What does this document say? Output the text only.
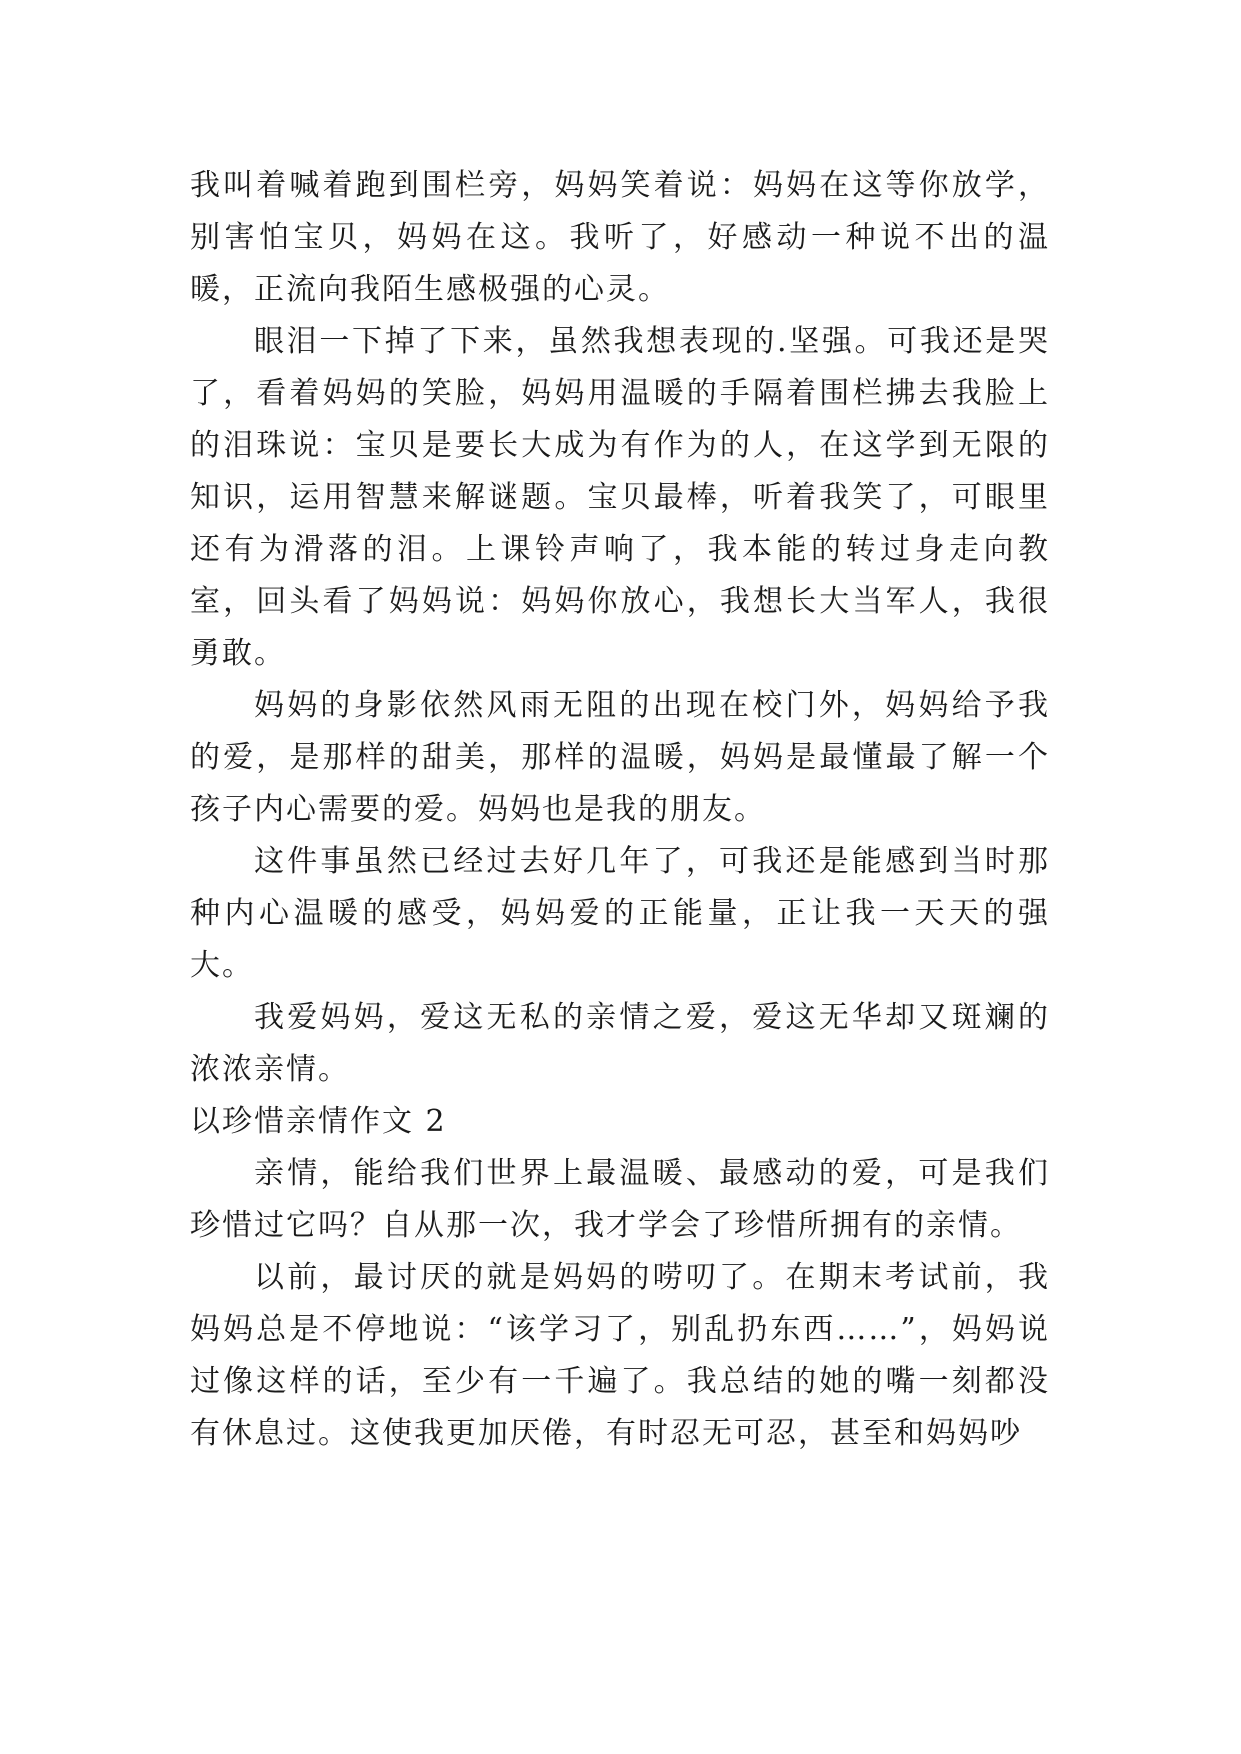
我叫着喊着跑到围栏旁，妈妈笑着说：妈妈在这等你放学，别害怕宝贝，妈妈在这。我听了，好感动一种说不出的温暖，正流向我陌生感极强的心灵。

眼泪一下掉了下来，虽然我想表现的.坚强。可我还是哭了，看着妈妈的笑脸，妈妈用温暖的手隔着围栏拂去我脸上的泪珠说：宝贝是要长大成为有作为的人，在这学到无限的知识，运用智慧来解谜题。宝贝最棒，听着我笑了，可眼里还有为滑落的泪。上课铃声响了，我本能的转过身走向教室，回头看了妈妈说：妈妈你放心，我想长大当军人，我很勇敢。

妈妈的身影依然风雨无阻的出现在校门外，妈妈给予我的爱，是那样的甜美，那样的温暖，妈妈是最懂最了解一个孩子内心需要的爱。妈妈也是我的朋友。

这件事虽然已经过去好几年了，可我还是能感到当时那种内心温暖的感受，妈妈爱的正能量，正让我一天天的强大。

我爱妈妈，爱这无私的亲情之爱，爱这无华却又斑斓的浓浓亲情。

以珍惜亲情作文 2

亲情，能给我们世界上最温暖、最感动的爱，可是我们珍惜过它吗？自从那一次，我才学会了珍惜所拥有的亲情。

以前，最讨厌的就是妈妈的唠叨了。在期末考试前，我妈妈总是不停地说：“该学习了，别乱扔东西……”，妈妈说过像这样的话，至少有一千遍了。我总结的她的嘴一刻都没有休息过。这使我更加厌倦，有时忍无可忍，甚至和妈妈吵
